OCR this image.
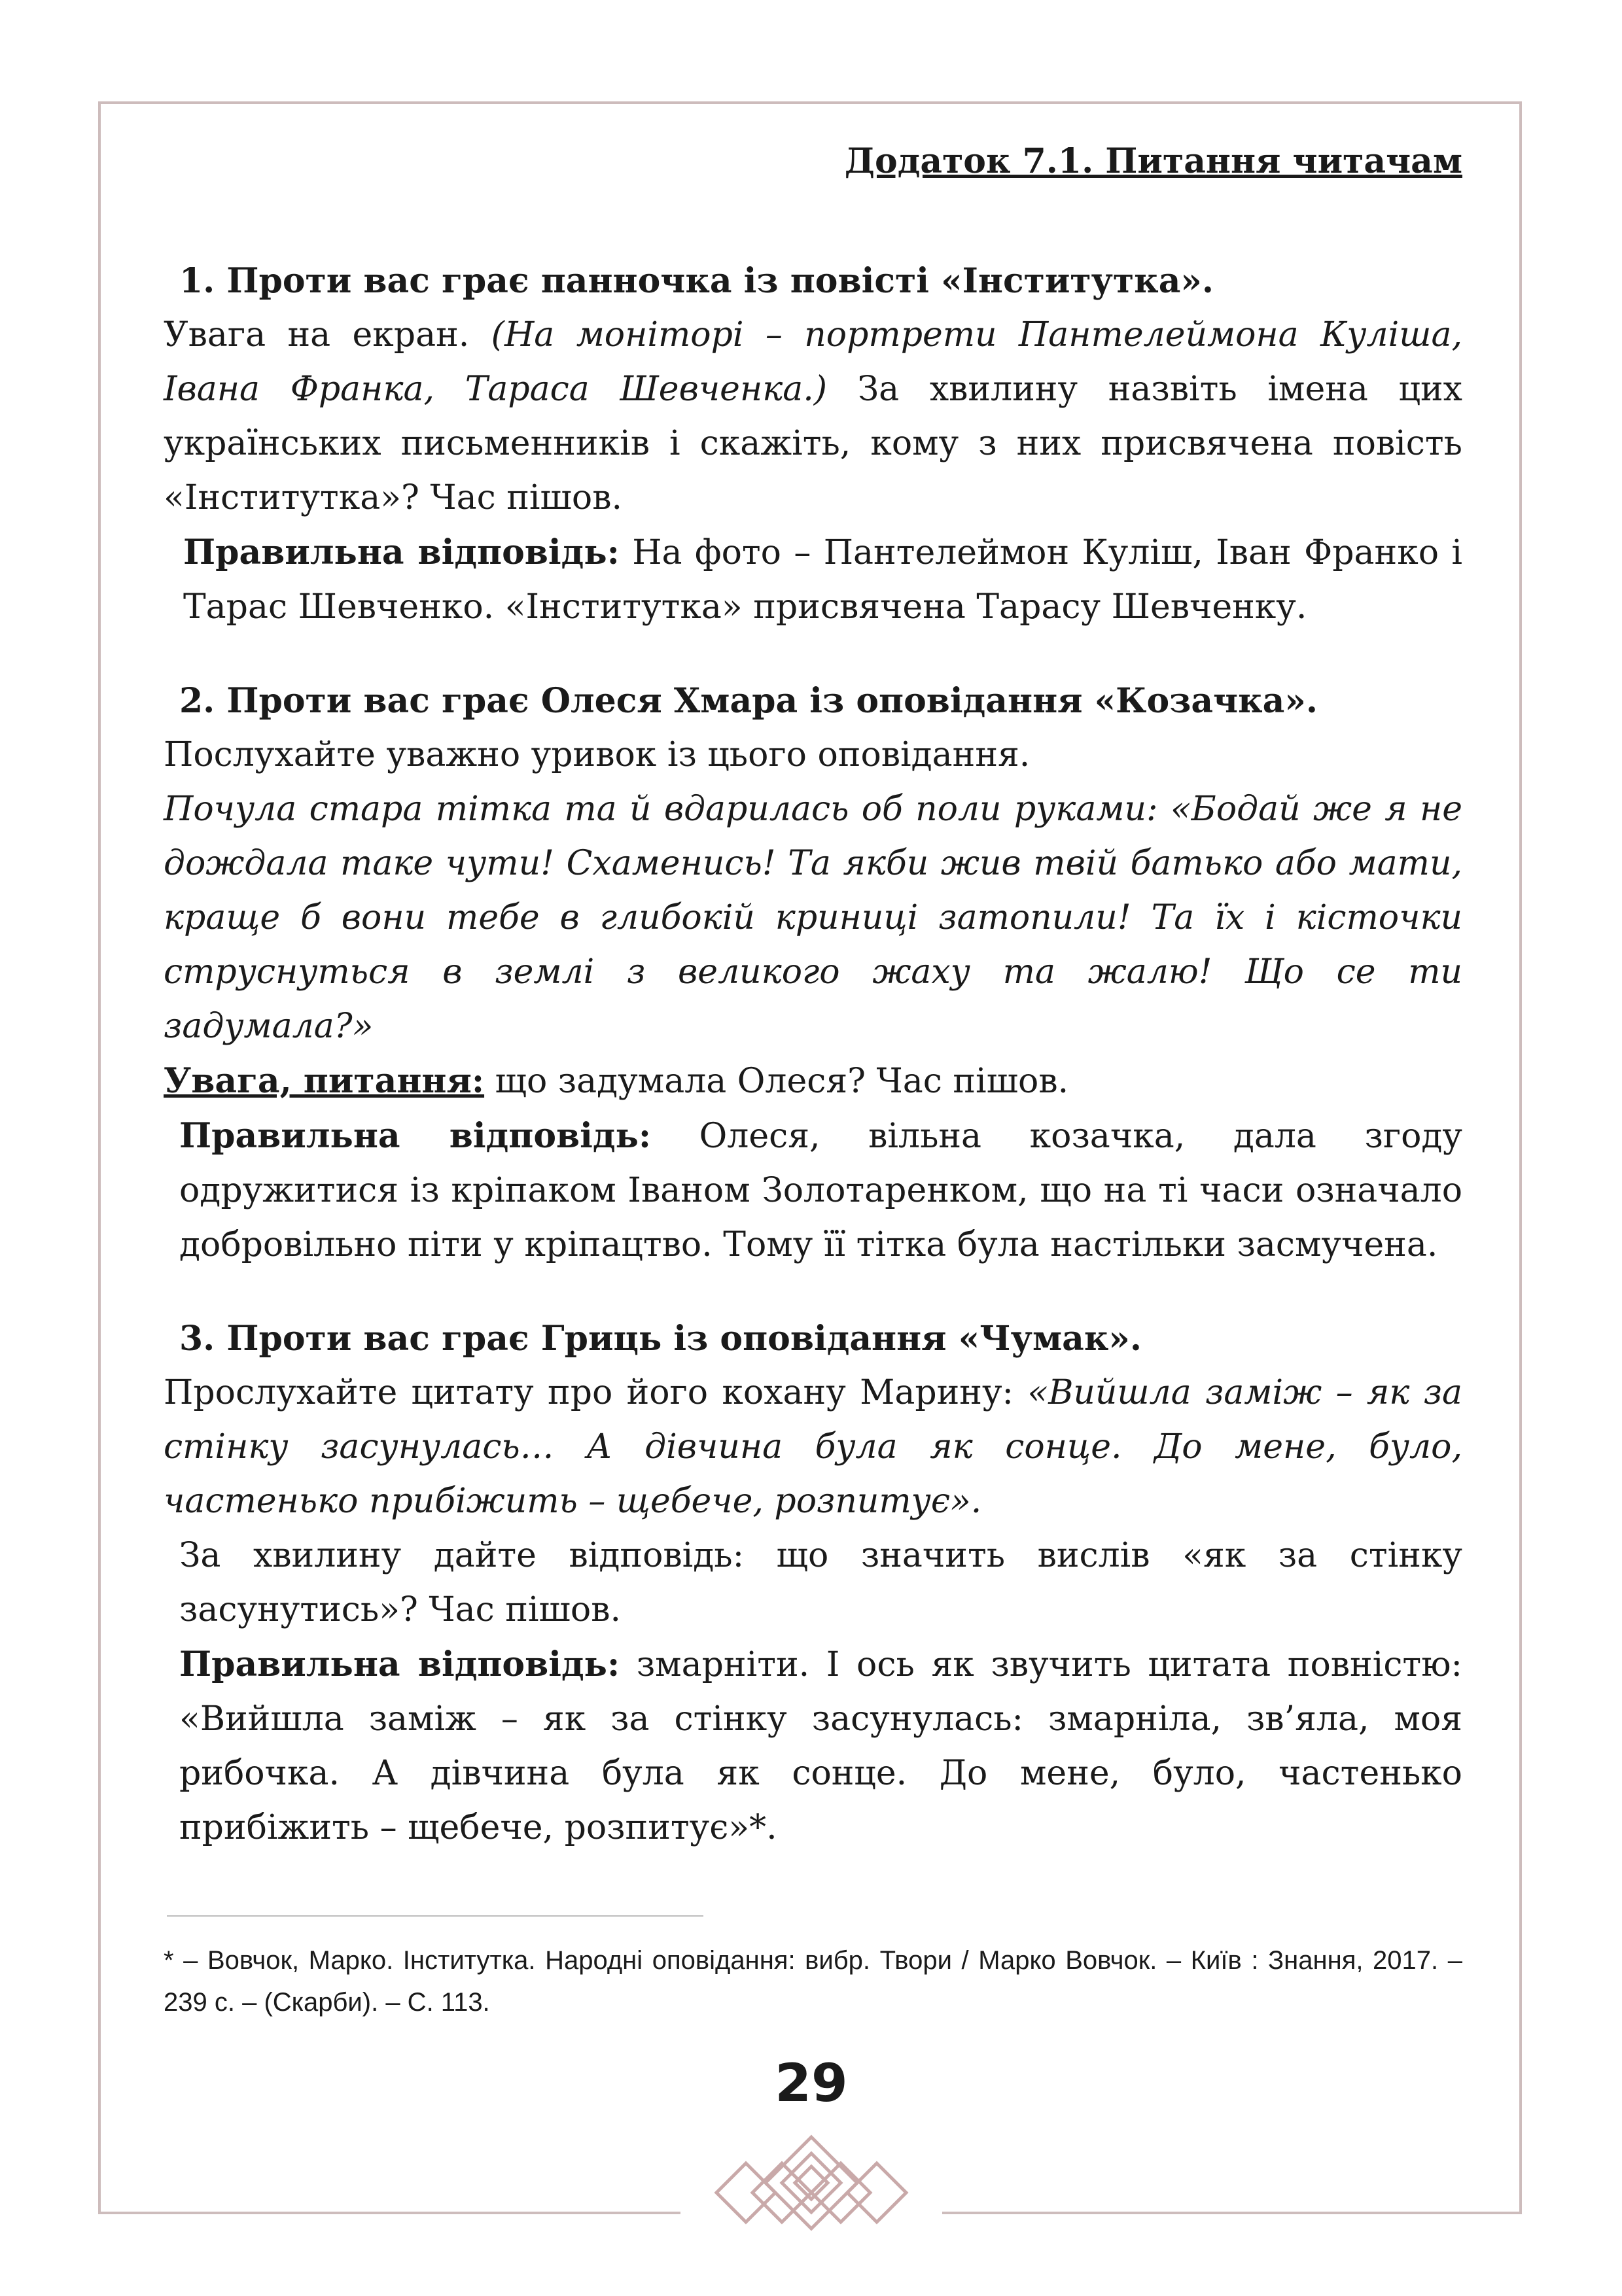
Додаток 7.1. Питання читачам

1. Проти вас грає панночка із повісті «Інститутка».

Увага на екран. (На моніторі – портрети Пантелеймона Куліша, Івана Франка, Тараса Шевченка.) За хвилину назвіть імена цих українських письменників і скажіть, кому з них присвячена повість «Інститутка»? Час пішов.

Правильна відповідь: На фото – Пантелеймон Куліш, Іван Франко і Тарас Шевченко. «Інститутка» присвячена Тарасу Шевченку.

2. Проти вас грає Олеся Хмара із оповідання «Козачка».

Послухайте уважно уривок із цього оповідання.

Почула стара тітка та й вдарилась об поли руками: «Бодай же я не дождала таке чути! Схаменись! Та якби жив твій батько або мати, краще б вони тебе в глибокій криниці затопили! Та їх і кісточки струснуться в землі з великого жаху та жалю! Що се ти задумала?»

Увага, питання: що задумала Олеся? Час пішов.

Правильна відповідь: Олеся, вільна козачка, дала згоду одружитися із кріпаком Іваном Золотаренком, що на ті часи означало добровільно піти у кріпацтво. Тому її тітка була настільки засмучена.

3. Проти вас грає Гриць із оповідання «Чумак».

Прослухайте цитату про його кохану Марину: «Вийшла заміж – як за стінку засунулась… А дівчина була як сонце. До мене, було, частенько прибіжить – щебече, розпитує».

За хвилину дайте відповідь: що значить вислів «як за стінку засунутись»? Час пішов.

Правильна відповідь: змарніти. І ось як звучить цитата повністю: «Вийшла заміж – як за стінку засунулась: змарніла, зв’яла, моя рибочка. А дівчина була як сонце. До мене, було, частенько прибіжить – щебече, розпитує»*.

* – Вовчок, Марко. Інститутка. Народні оповідання: вибр. Твори / Марко Вовчок. – Київ : Знання, 2017. – 239 с. – (Скарби). – С. 113.
29
